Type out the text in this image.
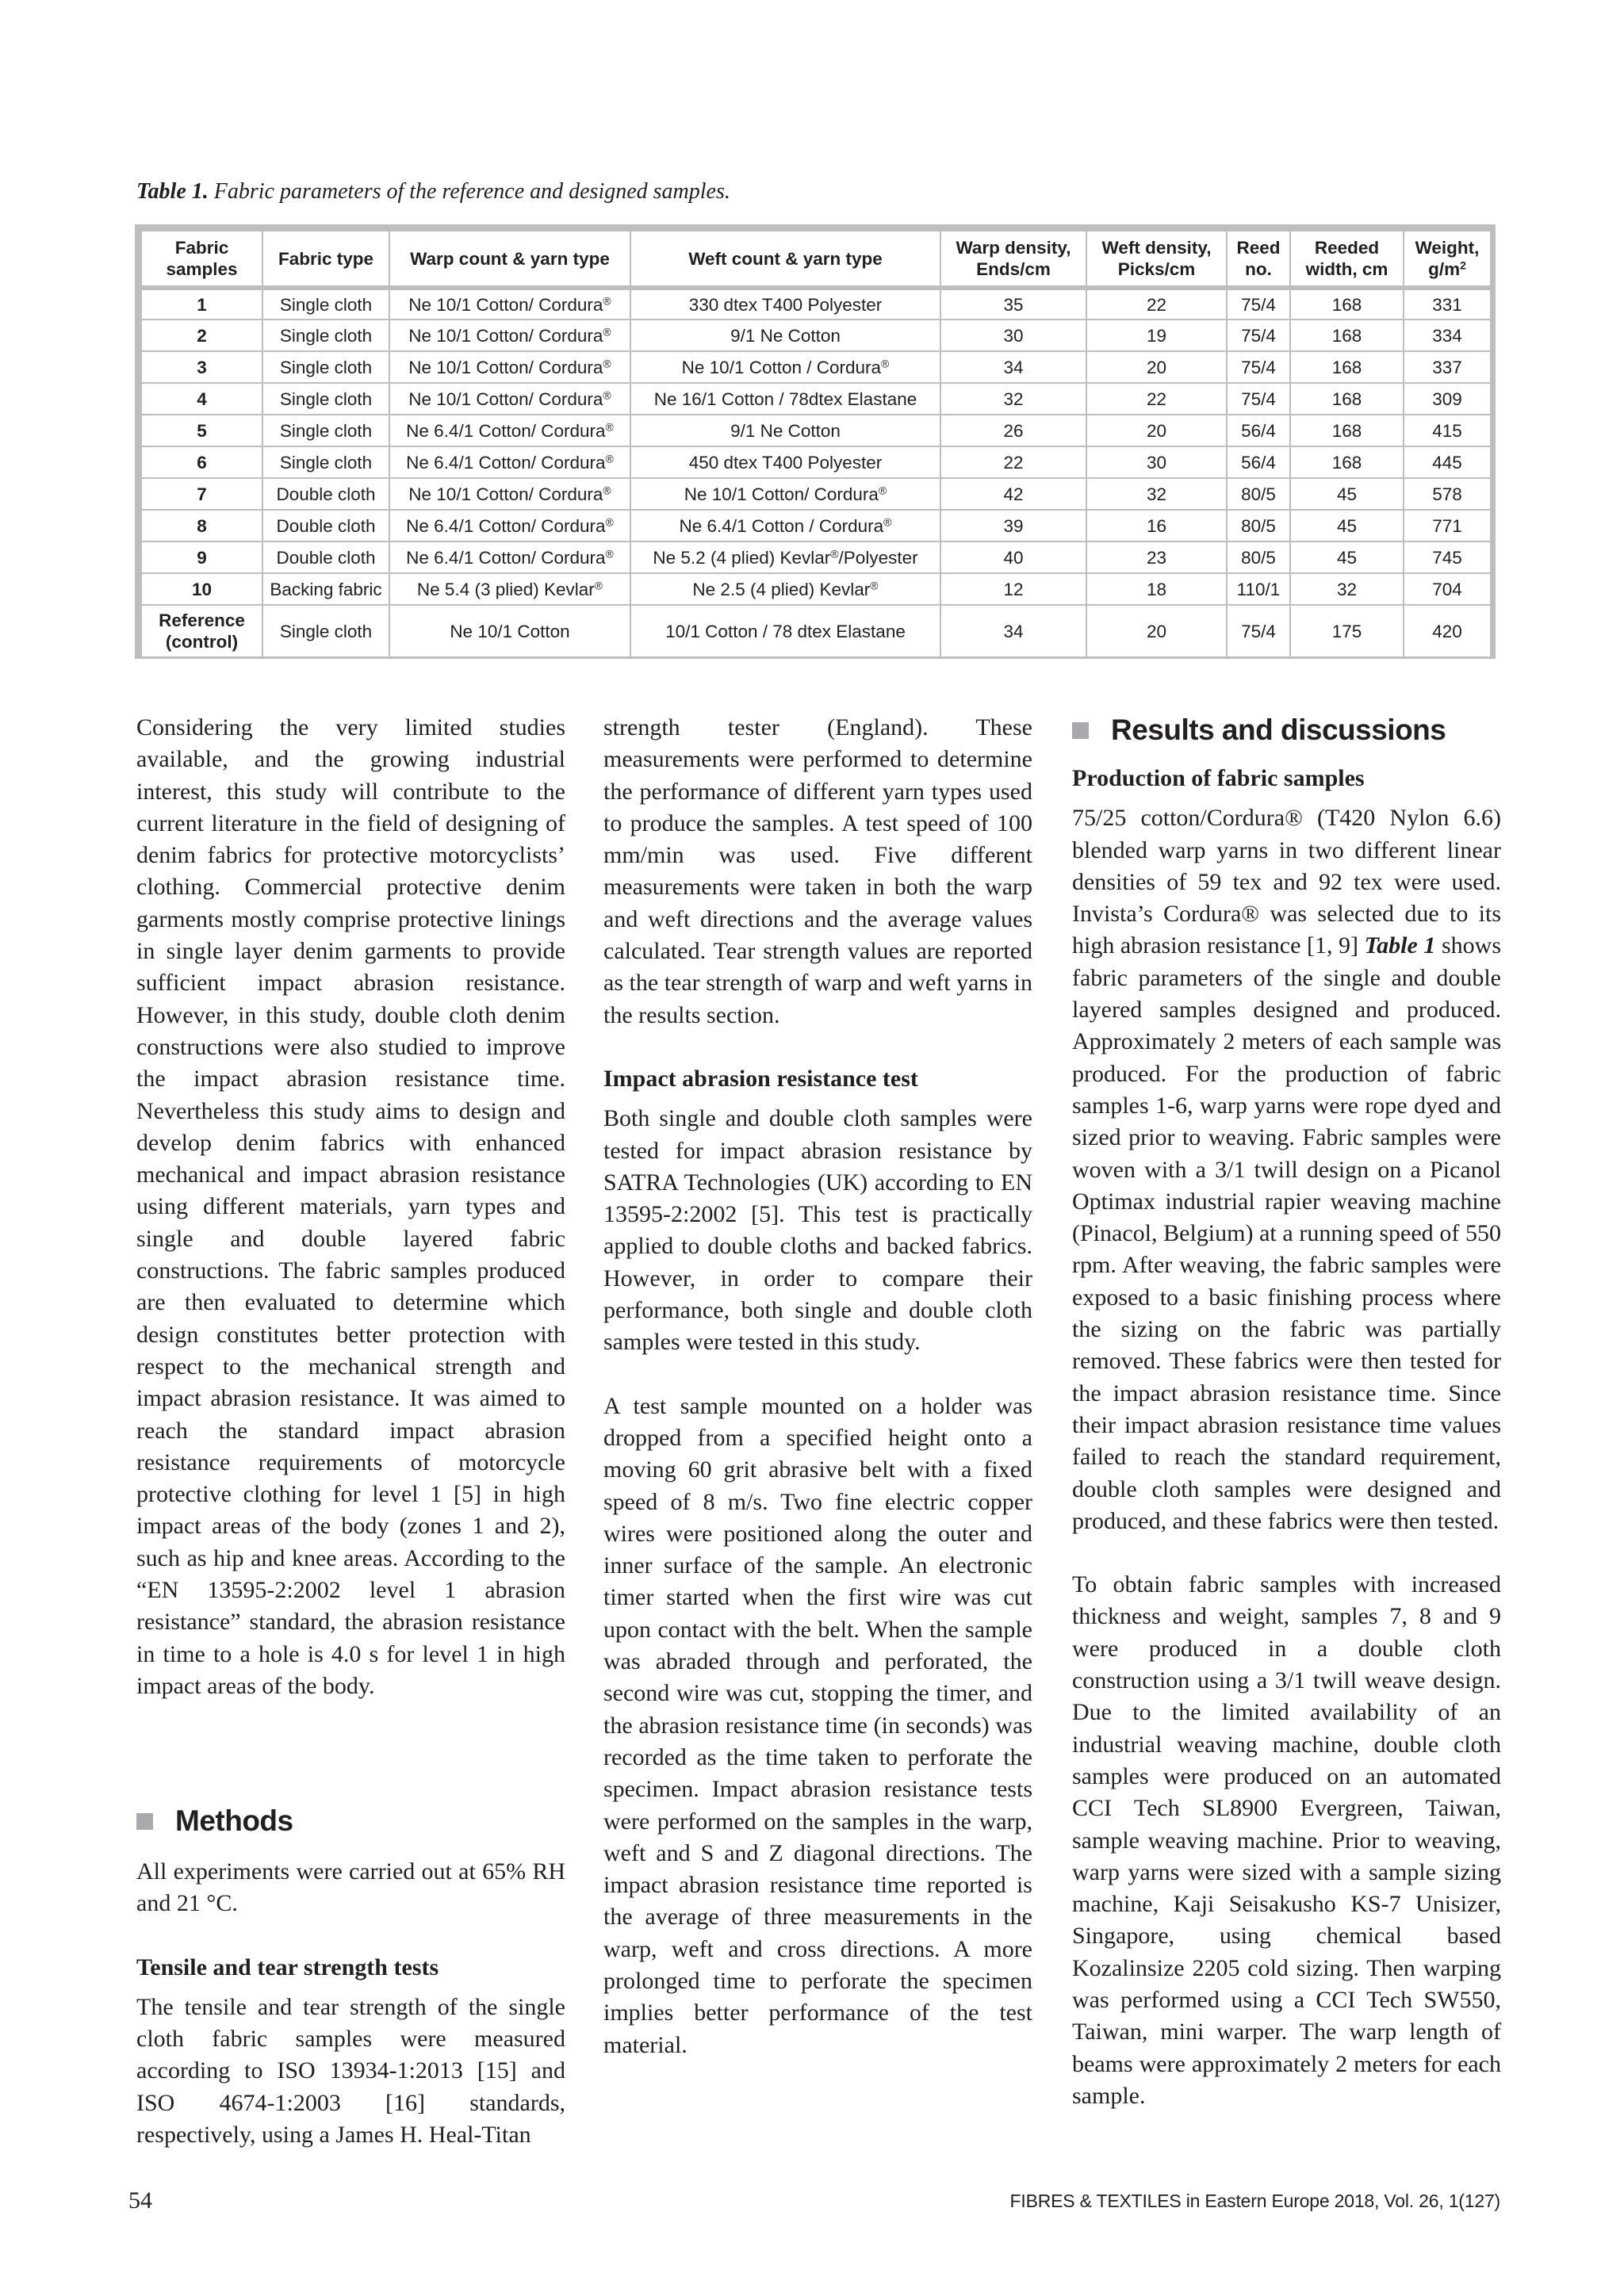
Table 1. Fabric parameters of the reference and designed samples.
Fabric samples	Fabric type	Warp count & yarn type	Weft count & yarn type	Warp density, Ends/cm	Weft density, Picks/cm	Reed no.	Reeded width, cm	Weight, $g/m^2$
1	Single cloth	Ne 10/1 Cotton/ Cordura®	330 dtex T400 Polyester	35	22	75/4	168	331
2	Single cloth	Ne 10/1 Cotton/ Cordura®	9/1 Ne Cotton	30	19	75/4	168	334
3	Single cloth	Ne 10/1 Cotton/ Cordura®	Ne 10/1 Cotton / Cordura®	34	20	75/4	168	337
4	Single cloth	Ne 10/1 Cotton/ Cordura®	Ne 16/1 Cotton / 78dtex Elastane	32	22	75/4	168	309
5	Single cloth	Ne 6.4/1 Cotton/ Cordura®	9/1 Ne Cotton	26	20	56/4	168	415
6	Single cloth	Ne 6.4/1 Cotton/ Cordura®	450 dtex T400 Polyester	22	30	56/4	168	445
7	Double cloth	Ne 10/1 Cotton/ Cordura®	Ne 10/1 Cotton/ Cordura®	42	32	80/5	45	578
8	Double cloth	Ne 6.4/1 Cotton/ Cordura®	Ne 6.4/1 Cotton / Cordura®	39	16	80/5	45	771
9	Double cloth	Ne 6.4/1 Cotton/ Cordura®	Ne 5.2 (4 plied) Kevlar®/Polyester	40	23	80/5	45	745
10	Backing fabric	Ne 5.4 (3 plied) Kevlar®	Ne 2.5 (4 plied) Kevlar®	12	18	110/1	32	704
Reference (control)	Single cloth	Ne 10/1 Cotton	10/1 Cotton / 78 dtex Elastane	34	20	75/4	175	420

Considering the very limited studies available, and the growing industrial interest, this study will contribute to the current literature in the field of designing of denim fabrics for protective motorcyclists’ clothing. Commercial protective denim garments mostly comprise protective linings in single layer denim garments to provide sufficient impact abrasion resistance. However, in this study, double cloth denim constructions were also studied to improve the impact abrasion resistance time. Nevertheless this study aims to design and develop denim fabrics with enhanced mechanical and impact abrasion resistance using different materials, yarn types and single and double layered fabric constructions. The fabric samples produced are then evaluated to determine which design constitutes better protection with respect to the mechanical strength and impact abrasion resistance. It was aimed to reach the standard impact abrasion resistance requirements of motorcycle protective clothing for level 1 [5] in high impact areas of the body (zones 1 and 2), such as hip and knee areas. According to the “EN 13595-2:2002 level 1 abrasion resistance” standard, the abrasion resistance in time to a hole is 4.0 s for level 1 in high impact areas of the body.

Methods

All experiments were carried out at 65% RH and 21 °C.

Tensile and tear strength tests

The tensile and tear strength of the single cloth fabric samples were measured according to ISO 13934-1:2013 [15] and ISO 4674-1:2003 [16] standards, respectively, using a James H. Heal-Titan

strength tester (England). These measurements were performed to determine the performance of different yarn types used to produce the samples. A test speed of 100 mm/min was used. Five different measurements were taken in both the warp and weft directions and the average values calculated. Tear strength values are reported as the tear strength of warp and weft yarns in the results section.

Impact abrasion resistance test

Both single and double cloth samples were tested for impact abrasion resistance by SATRA Technologies (UK) according to EN 13595-2:2002 [5]. This test is practically applied to double cloths and backed fabrics. However, in order to compare their performance, both single and double cloth samples were tested in this study.

A test sample mounted on a holder was dropped from a specified height onto a moving 60 grit abrasive belt with a fixed speed of 8 m/s. Two fine electric copper wires were positioned along the outer and inner surface of the sample. An electronic timer started when the first wire was cut upon contact with the belt. When the sample was abraded through and perforated, the second wire was cut, stopping the timer, and the abrasion resistance time (in seconds) was recorded as the time taken to perforate the specimen. Impact abrasion resistance tests were performed on the samples in the warp, weft and S and Z diagonal directions. The impact abrasion resistance time reported is the average of three measurements in the warp, weft and cross directions. A more prolonged time to perforate the specimen implies better performance of the test material.

Results and discussions

Production of fabric samples

75/25 cotton/Cordura® (T420 Nylon 6.6) blended warp yarns in two different linear densities of 59 tex and 92 tex were used. Invista’s Cordura® was selected due to its high abrasion resistance [1, 9] Table 1 shows fabric parameters of the single and double layered samples designed and produced. Approximately 2 meters of each sample was produced. For the production of fabric samples 1-6, warp yarns were rope dyed and sized prior to weaving. Fabric samples were woven with a 3/1 twill design on a Picanol Optimax industrial rapier weaving machine (Pinacol, Belgium) at a running speed of 550 rpm. After weaving, the fabric samples were exposed to a basic finishing process where the sizing on the fabric was partially removed. These fabrics were then tested for the impact abrasion resistance time. Since their impact abrasion resistance time values failed to reach the standard requirement, double cloth samples were designed and produced, and these fabrics were then tested.

To obtain fabric samples with increased thickness and weight, samples 7, 8 and 9 were produced in a double cloth construction using a 3/1 twill weave design. Due to the limited availability of an industrial weaving machine, double cloth samples were produced on an automated CCI Tech SL8900 Evergreen, Taiwan, sample weaving machine. Prior to weaving, warp yarns were sized with a sample sizing machine, Kaji Seisakusho KS-7 Unisizer, Singapore, using chemical based Kozalinsize 2205 cold sizing. Then warping was performed using a CCI Tech SW550, Taiwan, mini warper. The warp length of beams were approximately 2 meters for each sample.

54	FIBRES & TEXTILES in Eastern Europe 2018, Vol. 26, 1(127)
